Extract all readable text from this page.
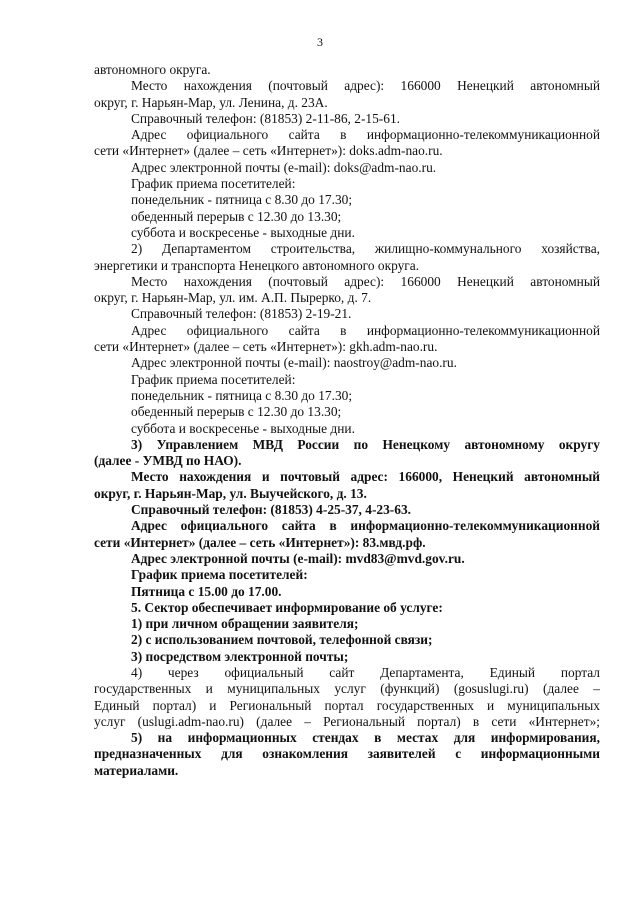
3
автономного округа.
Место нахождения (почтовый адрес): 166000 Ненецкий автономный
округ, г. Нарьян-Мар, ул. Ленина, д. 23А.
Справочный телефон: (81853) 2-11-86, 2-15-61.
Адрес официального сайта в информационно-телекоммуникационной
сети «Интернет» (далее – сеть «Интернет»): doks.adm-nao.ru.
Адрес электронной почты (e-mail): doks@adm-nao.ru.
График приема посетителей:
понедельник - пятница с 8.30 до 17.30;
обеденный перерыв с 12.30 до 13.30;
суббота и воскресенье - выходные дни.
2) Департаментом строительства, жилищно-коммунального хозяйства,
энергетики и транспорта Ненецкого автономного округа.
Место нахождения (почтовый адрес): 166000 Ненецкий автономный
округ, г. Нарьян-Мар, ул. им. А.П. Пырерко, д. 7.
Справочный телефон: (81853) 2-19-21.
Адрес официального сайта в информационно-телекоммуникационной
сети «Интернет» (далее – сеть «Интернет»): gkh.adm-nao.ru.
Адрес электронной почты (e-mail): naostroy@adm-nao.ru.
График приема посетителей:
понедельник - пятница с 8.30 до 17.30;
обеденный перерыв с 12.30 до 13.30;
суббота и воскресенье - выходные дни.
3) Управлением МВД России по Ненецкому автономному округу
(далее - УМВД по НАО).
Место нахождения и почтовый адрес: 166000, Ненецкий автономный
округ, г. Нарьян-Мар, ул. Выучейского, д. 13.
Справочный телефон: (81853) 4-25-37, 4-23-63.
Адрес официального сайта в информационно-телекоммуникационной
сети «Интернет» (далее – сеть «Интернет»): 83.мвд.рф.
Адрес электронной почты (e-mail): mvd83@mvd.gov.ru.
График приема посетителей:
Пятница с 15.00 до 17.00.
5. Сектор обеспечивает информирование об услуге:
1) при личном обращении заявителя;
2) с использованием почтовой, телефонной связи;
3) посредством электронной почты;
4) через официальный сайт Департамента, Единый портал
государственных и муниципальных услуг (функций) (gosuslugi.ru) (далее –
Единый портал) и Региональный портал государственных и муниципальных
услуг (uslugi.adm-nao.ru) (далее – Региональный портал) в сети «Интернет»;
5) на информационных стендах в местах для информирования,
предназначенных для ознакомления заявителей с информационными
материалами.
